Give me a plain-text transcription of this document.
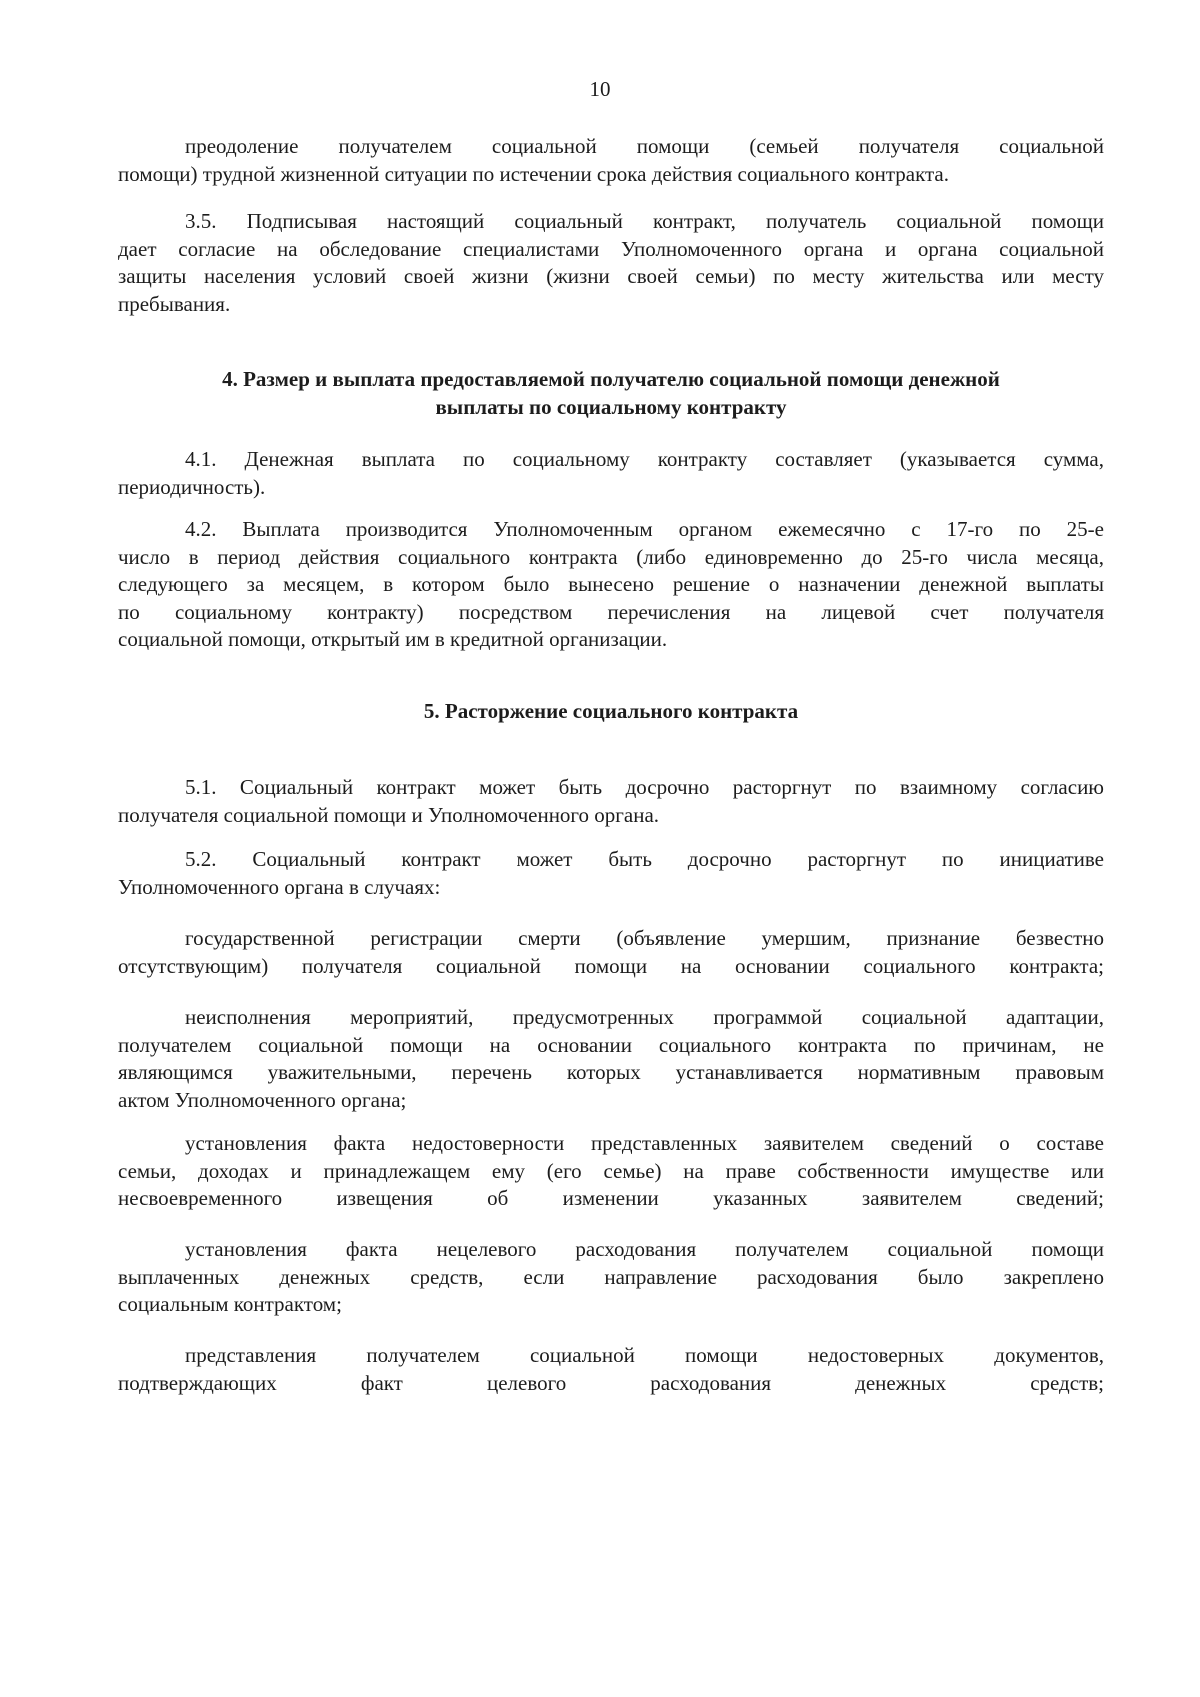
10
преодоление получателем социальной помощи (семьей получателя социальной
помощи) трудной жизненной ситуации по истечении срока действия социального контракта.
3.5. Подписывая настоящий социальный контракт, получатель социальной помощи
дает согласие на обследование специалистами Уполномоченного органа и органа социальной
защиты населения условий своей жизни (жизни своей семьи) по месту жительства или месту
пребывания.
4. Размер и выплата предоставляемой получателю социальной помощи денежной
выплаты по социальному контракту
4.1. Денежная выплата по социальному контракту составляет (указывается сумма,
периодичность).
4.2. Выплата производится Уполномоченным органом ежемесячно с 17-го по 25-е
число в период действия социального контракта (либо единовременно до 25-го числа месяца,
следующего за месяцем, в котором было вынесено решение о назначении денежной выплаты
по социальному контракту) посредством перечисления на лицевой счет получателя
социальной помощи, открытый им в кредитной организации.
5. Расторжение социального контракта
5.1. Социальный контракт может быть досрочно расторгнут по взаимному согласию
получателя социальной помощи и Уполномоченного органа.
5.2. Социальный контракт может быть досрочно расторгнут по инициативе
Уполномоченного органа в случаях:
государственной регистрации смерти (объявление умершим, признание безвестно
отсутствующим) получателя социальной помощи на основании социального контракта;
неисполнения мероприятий, предусмотренных программой социальной адаптации,
получателем социальной помощи на основании социального контракта по причинам, не
являющимся уважительными, перечень которых устанавливается нормативным правовым
актом Уполномоченного органа;
установления факта недостоверности представленных заявителем сведений о составе
семьи, доходах и принадлежащем ему (его семье) на праве собственности имуществе или
несвоевременного извещения об изменении указанных заявителем сведений;
установления факта нецелевого расходования получателем социальной помощи
выплаченных денежных средств, если направление расходования было закреплено
социальным контрактом;
представления получателем социальной помощи недостоверных документов,
подтверждающих факт целевого расходования денежных средств;
